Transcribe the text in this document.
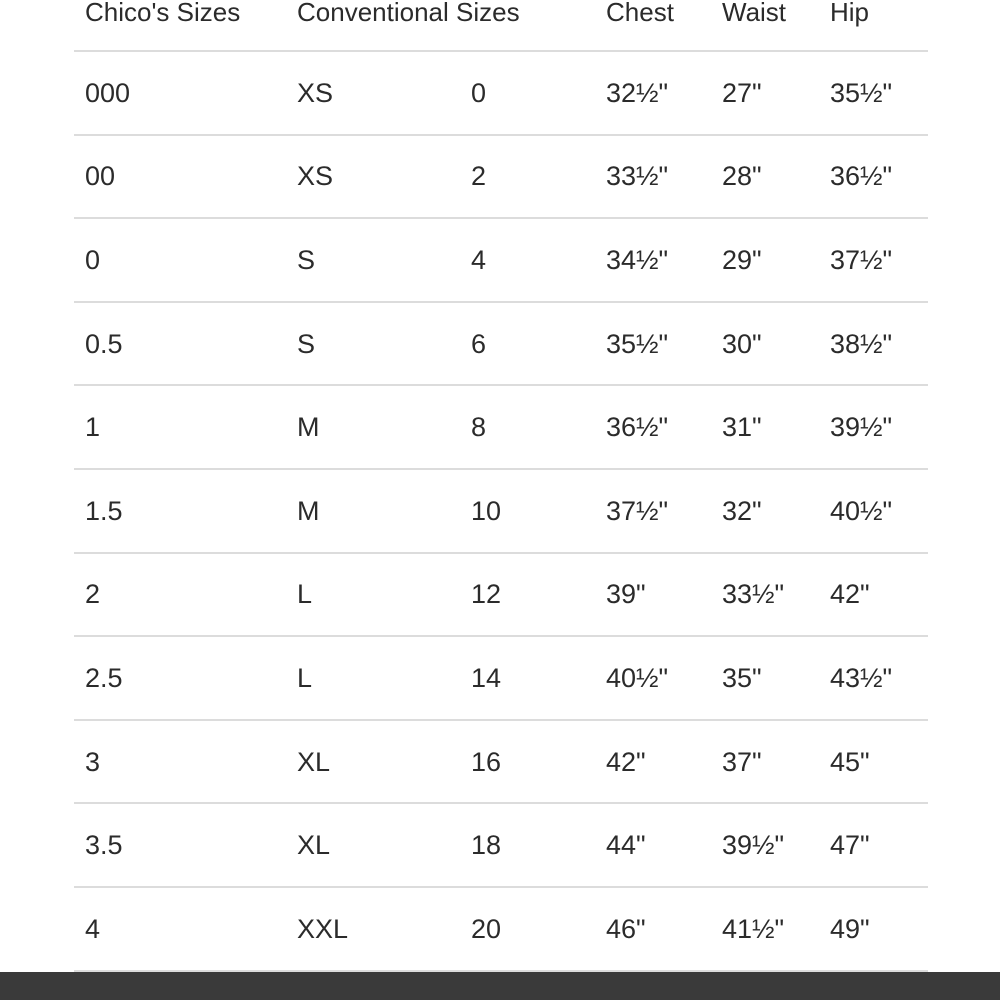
Chico's Sizes Conventional Sizes	Chest Waist Hip
000	XS	0	32½" 27"	35½"
00	XS	2	33½" 28"	36½"
0	S	4	34½" 29"	37½"
0.5	S	6	35½" 30"	38½"
1	M	8	36½" 31"	39½"
1.5	M	10	37½" 32"	40½"
2	L	12	39"	33½" 42"
2.5	L	14	40½" 35"	43½"
3	XL	16	42"	37"	45"
3.5	XL	18	44"	39½" 47"
4	XXL	20	46"	41½" 49"
